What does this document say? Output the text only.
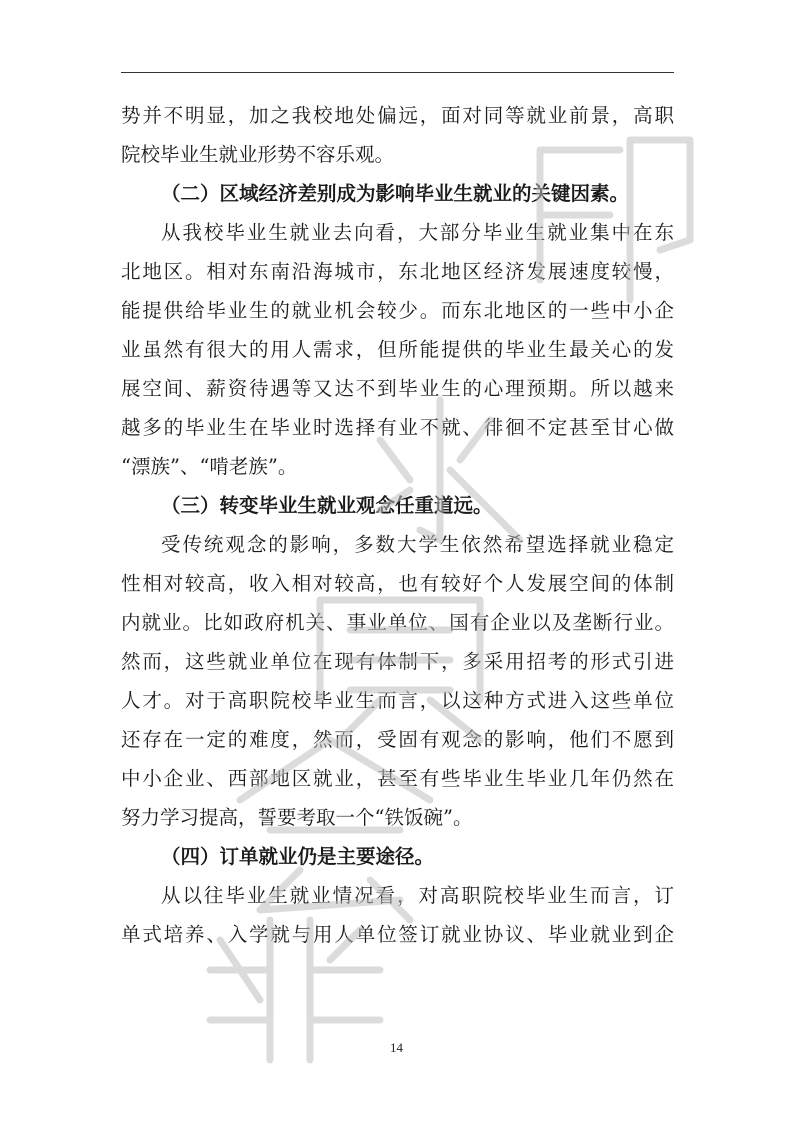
势并不明显，加之我校地处偏远，面对同等就业前景，高职
院校毕业生就业形势不容乐观。
（二）区域经济差别成为影响毕业生就业的关键因素。
从我校毕业生就业去向看，大部分毕业生就业集中在东
北地区。相对东南沿海城市，东北地区经济发展速度较慢，
能提供给毕业生的就业机会较少。而东北地区的一些中小企
业虽然有很大的用人需求，但所能提供的毕业生最关心的发
展空间、薪资待遇等又达不到毕业生的心理预期。所以越来
越多的毕业生在毕业时选择有业不就、徘徊不定甚至甘心做
“漂族”、“啃老族”。
（三）转变毕业生就业观念任重道远。
受传统观念的影响，多数大学生依然希望选择就业稳定
性相对较高，收入相对较高，也有较好个人发展空间的体制
内就业。比如政府机关、事业单位、国有企业以及垄断行业。
然而，这些就业单位在现有体制下，多采用招考的形式引进
人才。对于高职院校毕业生而言，以这种方式进入这些单位
还存在一定的难度，然而，受固有观念的影响，他们不愿到
中小企业、西部地区就业，甚至有些毕业生毕业几年仍然在
努力学习提高，誓要考取一个“铁饭碗”。
（四）订单就业仍是主要途径。
从以往毕业生就业情况看，对高职院校毕业生而言，订
单式培养、入学就与用人单位签订就业协议、毕业就业到企
14
